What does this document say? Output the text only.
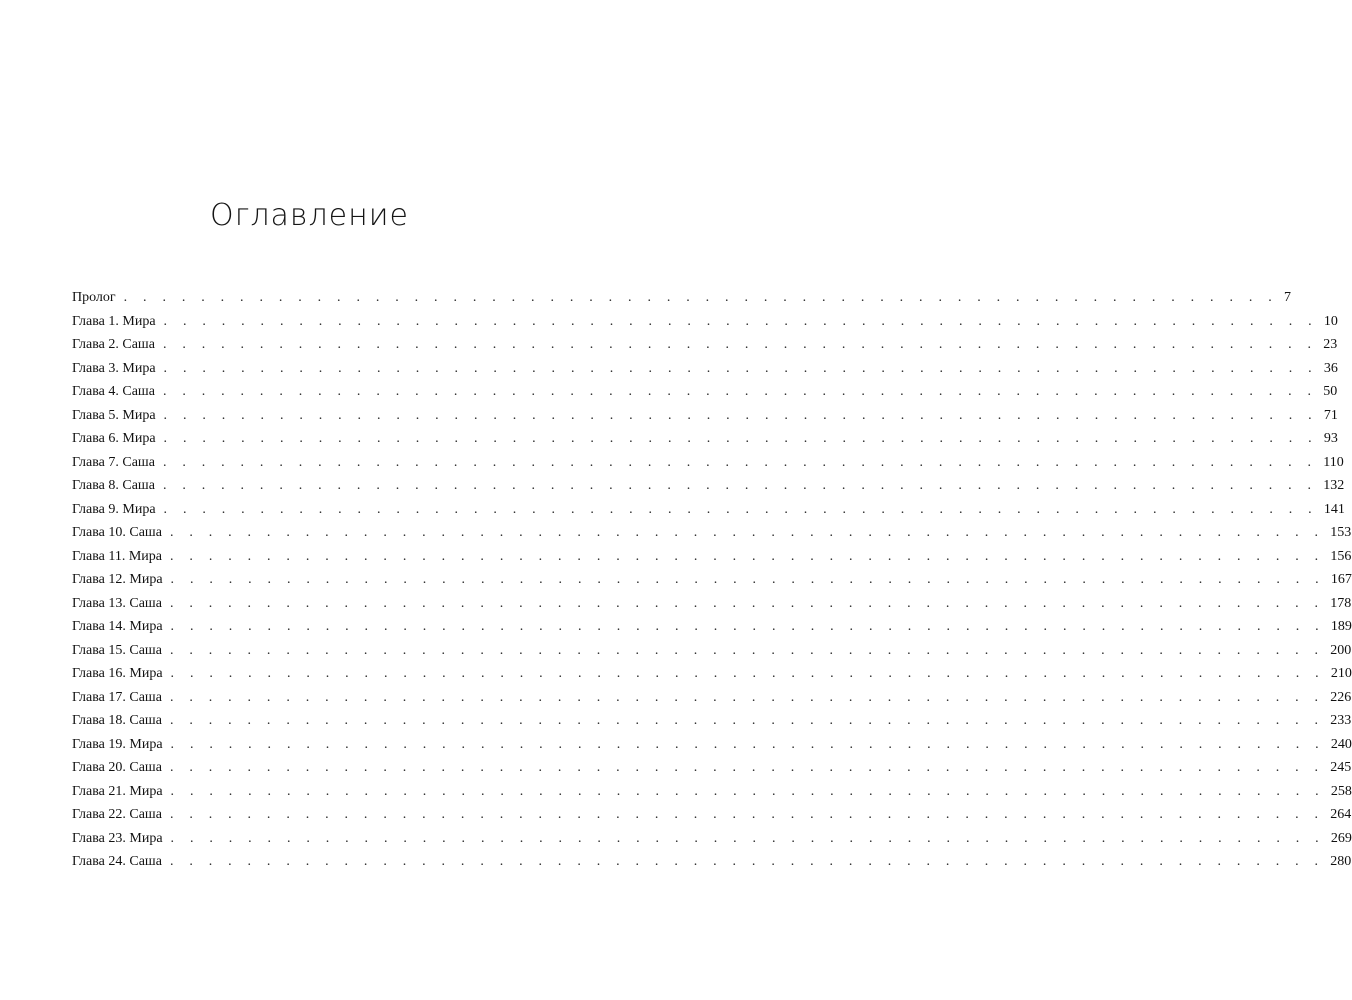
Оглавление
Пролог . . . . . . . . . . . . . . . . . . . . . . . . . . . . . . . . . . . . . . . . . . . . . . . . . . . . . . . . . . . . 7
Глава 1. Мира . . . . . . . . . . . . . . . . . . . . . . . . . . . . . . . . . . . . . . . . . . . . . . . . . . . . . . . . . . . . 10
Глава 2. Саша . . . . . . . . . . . . . . . . . . . . . . . . . . . . . . . . . . . . . . . . . . . . . . . . . . . . . . . . . . . . 23
Глава 3. Мира . . . . . . . . . . . . . . . . . . . . . . . . . . . . . . . . . . . . . . . . . . . . . . . . . . . . . . . . . . . . 36
Глава 4. Саша . . . . . . . . . . . . . . . . . . . . . . . . . . . . . . . . . . . . . . . . . . . . . . . . . . . . . . . . . . . . 50
Глава 5. Мира . . . . . . . . . . . . . . . . . . . . . . . . . . . . . . . . . . . . . . . . . . . . . . . . . . . . . . . . . . . . 71
Глава 6. Мира . . . . . . . . . . . . . . . . . . . . . . . . . . . . . . . . . . . . . . . . . . . . . . . . . . . . . . . . . . . . 93
Глава 7. Саша . . . . . . . . . . . . . . . . . . . . . . . . . . . . . . . . . . . . . . . . . . . . . . . . . . . . . . . . . . . . 110
Глава 8. Саша . . . . . . . . . . . . . . . . . . . . . . . . . . . . . . . . . . . . . . . . . . . . . . . . . . . . . . . . . . . . 132
Глава 9. Мира . . . . . . . . . . . . . . . . . . . . . . . . . . . . . . . . . . . . . . . . . . . . . . . . . . . . . . . . . . . . 141
Глава 10. Саша . . . . . . . . . . . . . . . . . . . . . . . . . . . . . . . . . . . . . . . . . . . . . . . . . . . . . . . . . . . . 153
Глава 11. Мира . . . . . . . . . . . . . . . . . . . . . . . . . . . . . . . . . . . . . . . . . . . . . . . . . . . . . . . . . . . . 156
Глава 12. Мира . . . . . . . . . . . . . . . . . . . . . . . . . . . . . . . . . . . . . . . . . . . . . . . . . . . . . . . . . . . . 167
Глава 13. Саша . . . . . . . . . . . . . . . . . . . . . . . . . . . . . . . . . . . . . . . . . . . . . . . . . . . . . . . . . . . . 178
Глава 14. Мира . . . . . . . . . . . . . . . . . . . . . . . . . . . . . . . . . . . . . . . . . . . . . . . . . . . . . . . . . . . . 189
Глава 15. Саша . . . . . . . . . . . . . . . . . . . . . . . . . . . . . . . . . . . . . . . . . . . . . . . . . . . . . . . . . . . . 200
Глава 16. Мира . . . . . . . . . . . . . . . . . . . . . . . . . . . . . . . . . . . . . . . . . . . . . . . . . . . . . . . . . . . . 210
Глава 17. Саша . . . . . . . . . . . . . . . . . . . . . . . . . . . . . . . . . . . . . . . . . . . . . . . . . . . . . . . . . . . . 226
Глава 18. Саша . . . . . . . . . . . . . . . . . . . . . . . . . . . . . . . . . . . . . . . . . . . . . . . . . . . . . . . . . . . . 233
Глава 19. Мира . . . . . . . . . . . . . . . . . . . . . . . . . . . . . . . . . . . . . . . . . . . . . . . . . . . . . . . . . . . . 240
Глава 20. Саша . . . . . . . . . . . . . . . . . . . . . . . . . . . . . . . . . . . . . . . . . . . . . . . . . . . . . . . . . . . . 245
Глава 21. Мира . . . . . . . . . . . . . . . . . . . . . . . . . . . . . . . . . . . . . . . . . . . . . . . . . . . . . . . . . . . . 258
Глава 22. Саша . . . . . . . . . . . . . . . . . . . . . . . . . . . . . . . . . . . . . . . . . . . . . . . . . . . . . . . . . . . . 264
Глава 23. Мира . . . . . . . . . . . . . . . . . . . . . . . . . . . . . . . . . . . . . . . . . . . . . . . . . . . . . . . . . . . . 269
Глава 24. Саша . . . . . . . . . . . . . . . . . . . . . . . . . . . . . . . . . . . . . . . . . . . . . . . . . . . . . . . . . . . . 280
